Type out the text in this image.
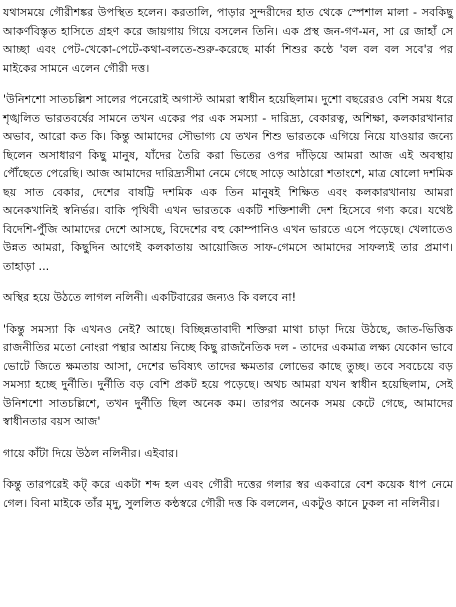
যথাসময়ে গৌরীশঙ্কর উপস্থিত হলেন। করতালি, পাড়ার সুন্দরীদের হাত থেকে স্পেশাল মালা - সবকিছু আকর্ণবিস্তৃত হাসিতে গ্রহণ করে জায়গায় গিয়ে বসলেন তিনি। এক প্রস্থ জন-গণ-মন, সা রে জাহাঁ সে আচ্ছা এবং পেট-খেকো-পেটে-কথা-বলতে-শুরু-করেছে মার্কা শিশুর কন্ঠে 'বল বল বল সবে'র পর মাইকের সামনে এলেন গৌরী দত্ত।

'উনিশশো সাতচল্লিশ সালের পনেরোই অগাস্ট আমরা স্বাধীন হয়েছিলাম। দুশো বছরেরও বেশি সময় ধরে শৃঙ্খলিত ভারতবর্ষের সামনে তখন একের পর এক সমস্যা - দারিদ্র্য, বেকারত্ব, অশিক্ষা, কলকারখানার অভাব, আরো কত কি। কিন্তু আমাদের সৌভাগ্য যে তখন শিশু ভারতকে এগিয়ে নিয়ে যাওয়ার জন্যে ছিলেন অসাধারণ কিছু মানুষ, যাঁদের তৈরি করা ভিতের ওপর দাঁড়িয়ে আমরা আজ এই অবস্থায় পৌঁছেতে পেরেছি। আজ আমাদের দারিদ্র্যসীমা নেমে গেছে সাড়ে আঠারো শতাংশে, মাত্র ষোলো দশমিক ছয় সাত বেকার, দেশের বাষট্টি দশমিক এক তিন মানুষই শিক্ষিত এবং কলকারখানায় আমরা অনেকখানিই স্বনির্ভর। বাকি পৃথিবী এখন ভারতকে একটি শক্তিশালী দেশ হিসেবে গণ্য করে। যথেষ্ট বিদেশি-পুঁজি আমাদের দেশে আসছে, বিদেশের বহু কোম্পানিও এখন ভারতে এসে পড়েছে। খেলাতেও উন্নত আমরা, কিছুদিন আগেই কলকাতায় আয়োজিত সাফ-গেমসে আমাদের সাফল্যই তার প্রমাণ। তাহাড়া ...

অস্থির হয়ে উঠতে লাগল নলিনী। একটিবারের জন্যও কি বলবে না!

'কিন্তু সমস্যা কি এখনও নেই? আছে। বিচ্ছিন্নতাবাদী শক্তিরা মাথা চাড়া দিয়ে উঠছে, জাত-ভিত্তিক রাজনীতির মতো নোংরা পন্থার আশ্রয় নিচ্ছে কিছু রাজনৈতিক দল - তাদের একমাত্র লক্ষ্য যেকোন ভাবে ভোটে জিতে ক্ষমতায় আসা, দেশের ভবিষ্যৎ তাদের ক্ষমতার লোভের কাছে তুচ্ছ। তবে সবচেয়ে বড় সমস্যা হচ্ছে দুর্নীতি। দুর্নীতি বড় বেশি প্রকট হয়ে পড়েছে। অথচ আমরা যখন স্বাধীন হয়েছিলাম, সেই উনিশশো সাতচল্লিশে, তখন দুর্নীতি ছিল অনেক কম। তারপর অনেক সময় কেটে গেছে, আমাদের স্বাধীনতার বয়স আজ'

গায়ে কাঁটা দিয়ে উঠল নলিনীর। এইবার।

কিন্তু তারপরেই কট্ করে একটা শব্দ হল এবং গৌরী দত্তের গলার স্বর একবারে বেশ কয়েক ধাপ নেমে গেল। বিনা মাইকে তাঁর মৃদু, সুললিত কন্ঠস্বরে গৌরী দত্ত কি বললেন, একটুও কানে ঢুকল না নলিনীর।
